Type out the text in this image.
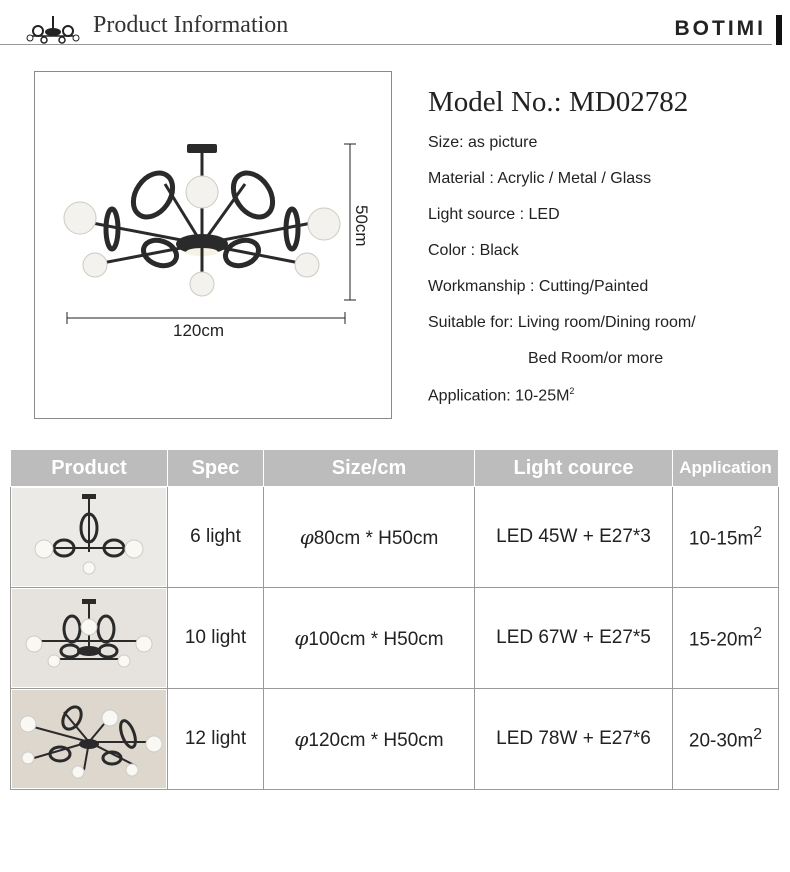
Product Information	BOTIMI
120cm
50cm
Model No.: MD02782
Size: as picture
Material : Acrylic / Metal / Glass
Light source : LED
Color : Black
Workmanship : Cutting/Painted
Suitable for: Living room/Dining room/
Bed Room/or more
Application: $10-25M^2$
Product	Spec	Size/cm	Light cource	Application

	6 light	φ80cm * H50cm	LED 45W + E27*3	$10-15m^2$

	10 light	φ100cm * H50cm	LED 67W + E27*5	$15-20m^2$

	12 light	φ120cm * H50cm	LED 78W + E27*6	$20-30m^2$
